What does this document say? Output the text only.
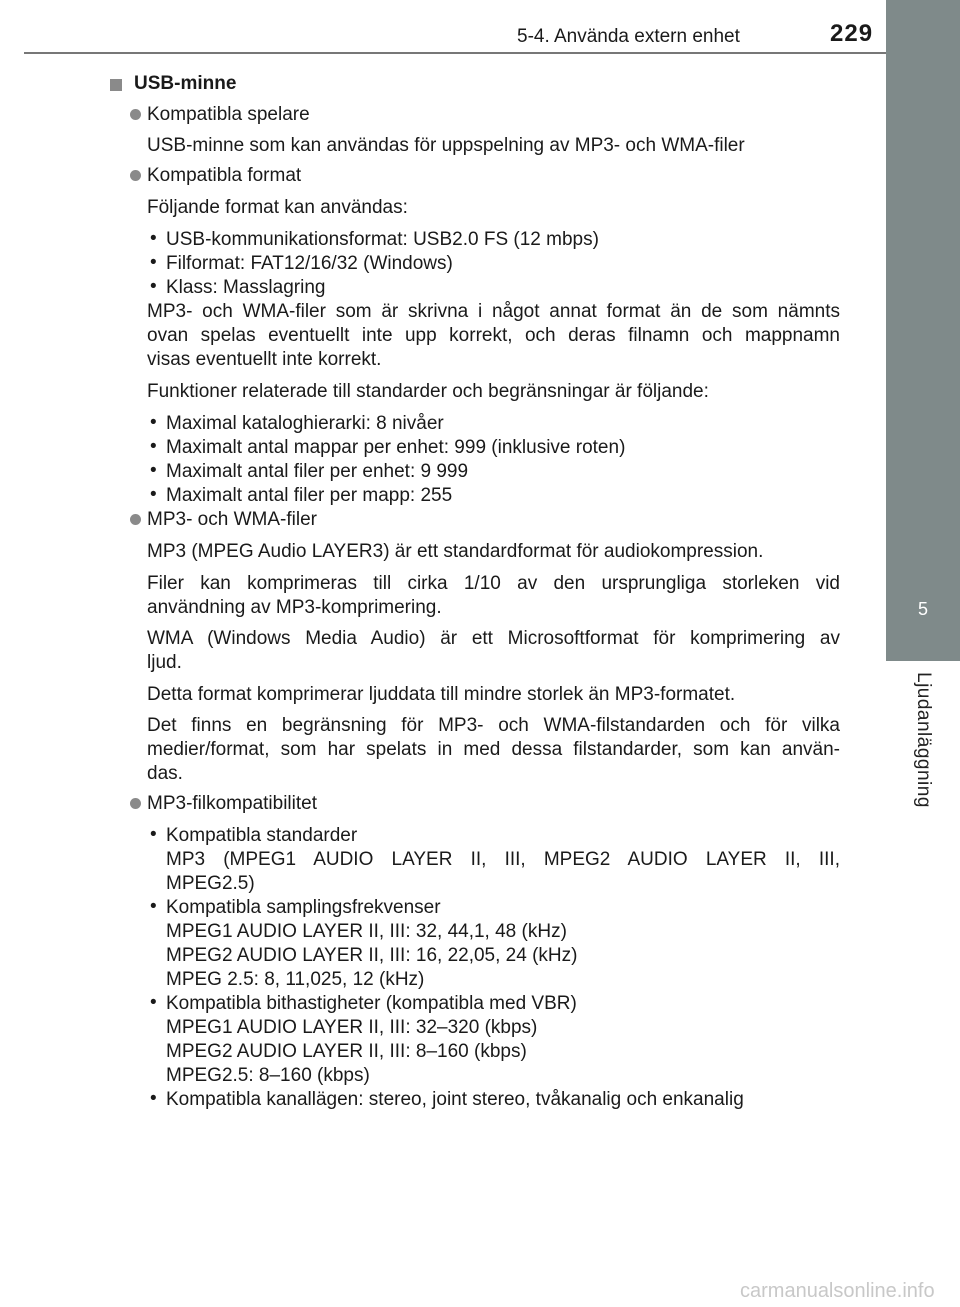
5-4. Använda extern enhet	229
5
Ljudanläggning
USB-minne
Kompatibla spelare
USB-minne som kan användas för uppspelning av MP3- och WMA-filer
Kompatibla format
Följande format kan användas:
• USB-kommunikationsformat: USB2.0 FS (12 mbps)
• Filformat: FAT12/16/32 (Windows)
• Klass: Masslagring
MP3- och WMA-filer som är skrivna i något annat format än de som nämnts
ovan spelas eventuellt inte upp korrekt, och deras filnamn och mappnamn
visas eventuellt inte korrekt.
Funktioner relaterade till standarder och begränsningar är följande:
• Maximal kataloghierarki: 8 nivåer
• Maximalt antal mappar per enhet: 999 (inklusive roten)
• Maximalt antal filer per enhet: 9 999
• Maximalt antal filer per mapp: 255
MP3- och WMA-filer
MP3 (MPEG Audio LAYER3) är ett standardformat för audiokompression.
Filer kan komprimeras till cirka 1/10 av den ursprungliga storleken vid
användning av MP3-komprimering.
WMA (Windows Media Audio) är ett Microsoftformat för komprimering av
ljud.
Detta format komprimerar ljuddata till mindre storlek än MP3-formatet.
Det finns en begränsning för MP3- och WMA-filstandarden och för vilka
medier/format, som har spelats in med dessa filstandarder, som kan använ-
das.
MP3-filkompatibilitet
• Kompatibla standarder
MP3 (MPEG1 AUDIO LAYER II, III, MPEG2 AUDIO LAYER II, III,
MPEG2.5)
• Kompatibla samplingsfrekvenser
MPEG1 AUDIO LAYER II, III: 32, 44,1, 48 (kHz)
MPEG2 AUDIO LAYER II, III: 16, 22,05, 24 (kHz)
MPEG 2.5: 8, 11,025, 12 (kHz)
• Kompatibla bithastigheter (kompatibla med VBR)
MPEG1 AUDIO LAYER II, III: 32–320 (kbps)
MPEG2 AUDIO LAYER II, III: 8–160 (kbps)
MPEG2.5: 8–160 (kbps)
• Kompatibla kanallägen: stereo, joint stereo, tvåkanalig och enkanalig
carmanualsonline.info
